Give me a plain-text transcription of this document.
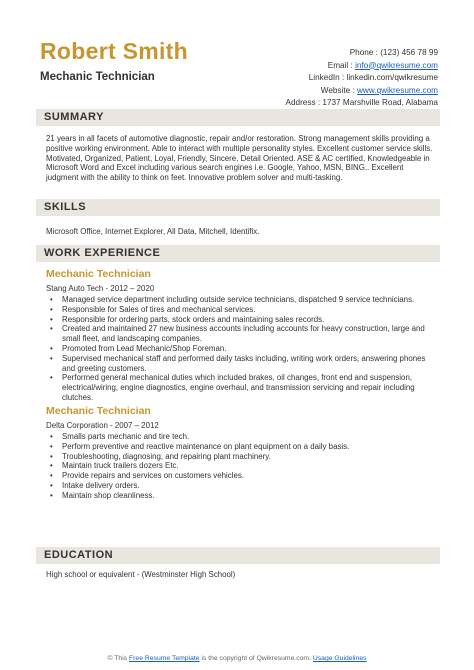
Robert Smith
Mechanic Technician
Phone : (123) 456 78 99
Email : info@qwikresume.com
LinkedIn : linkedin.com/qwikresume
Website : www.qwikresume.com
Address : 1737 Marshville Road, Alabama
SUMMARY
21 years in all facets of automotive diagnostic, repair and/or restoration. Strong management skills providing a positive working environment. Able to interact with multiple personality styles. Excellent customer service skills. Motivated, Organized, Patient, Loyal, Friendly, Sincere, Detail Oriented. ASE & AC certified, Knowledgeable in Microsoft Word and Excel including various search engines i.e. Google, Yahoo, MSN, BING.. Excellent judgment with the ability to think on feet. Innovative problem solver and multi-tasking.
SKILLS
Microsoft Office, Internet Explorer, All Data, Mitchell, Identifix.
WORK EXPERIENCE
Mechanic Technician
Stang Auto Tech - 2012 – 2020
• Managed service department including outside service technicians, dispatched 9 service technicians.
• Responsible for Sales of tires and mechanical services.
• Responsible for ordering parts, stock orders and maintaining sales records.
• Created and maintained 27 new business accounts including accounts for heavy construction, large and small fleet, and landscaping companies.
• Promoted from Lead Mechanic/Shop Foreman.
• Supervised mechanical staff and performed daily tasks including, writing work orders, answering phones and greeting customers.
• Performed general mechanical duties which included brakes, oil changes, front end and suspension, electrical/wiring, engine diagnostics, engine overhaul, and transmission servicing and repair including clutches.
Mechanic Technician
Delta Corporation - 2007 – 2012
• Smalls parts mechanic and tire tech.
• Perform preventive and reactive maintenance on plant equipment on a daily basis.
• Troubleshooting, diagnosing, and repairing plant machinery.
• Maintain truck trailers dozers Etc.
• Provide repairs and services on customers vehicles.
• Intake delivery orders.
• Maintain shop cleanliness.
EDUCATION
High school or equivalent - (Westminster High School)
© This Free Resume Template is the copyright of Qwikresume.com. Usage Guidelines
